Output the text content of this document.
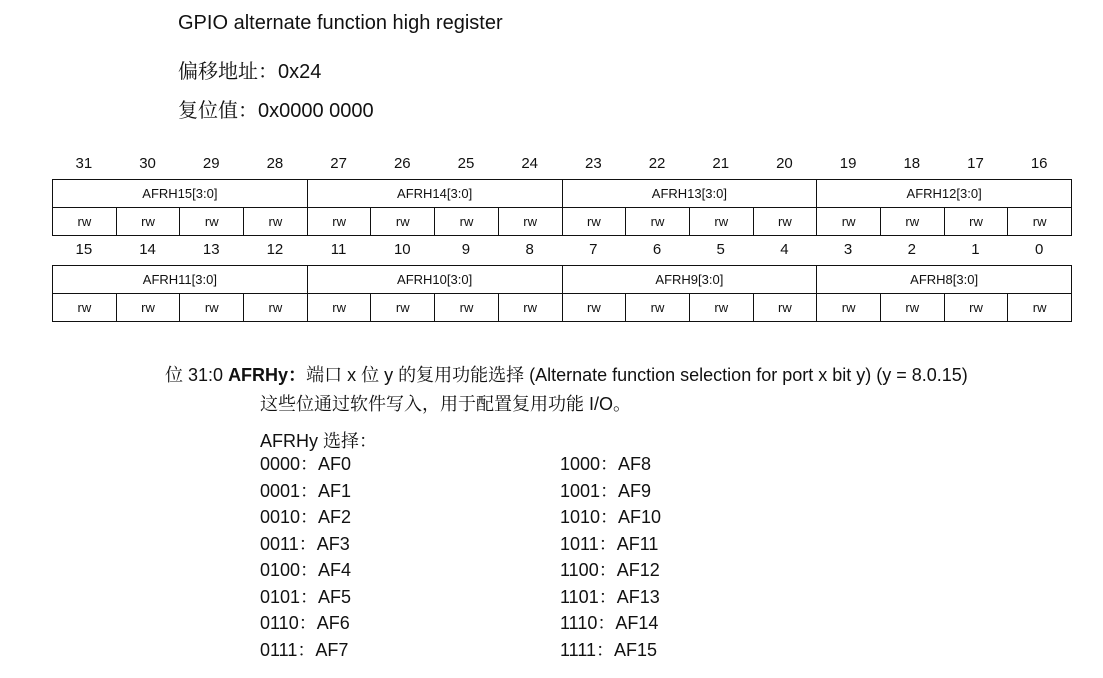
GPIO alternate function high register
偏移地址：0x24
复位值：0x0000 0000
31	30	29	28	27	26	25	24	23	22	21	20	19	18	17	16
AFRH15[3:0]				AFRH14[3:0]				AFRH13[3:0]				AFRH12[3:0]			
rw	rw	rw	rw	rw	rw	rw	rw	rw	rw	rw	rw	rw	rw	rw	rw
15	14	13	12	11	10	9	8	7	6	5	4	3	2	1	0
AFRH11[3:0]				AFRH10[3:0]				AFRH9[3:0]				AFRH8[3:0]			
rw	rw	rw	rw	rw	rw	rw	rw	rw	rw	rw	rw	rw	rw	rw	rw
位 31:0 AFRHy：端口 x 位 y 的复用功能选择 (Alternate function selection for port x bit y) (y = 8.0.15)
这些位通过软件写入，用于配置复用功能 I/O。
AFRHy 选择：
0000：AF0
0001：AF1
0010：AF2
0011：AF3
0100：AF4
0101：AF5
0110：AF6
0111：AF7
1000：AF8
1001：AF9
1010：AF10
1011：AF11
1100：AF12
1101：AF13
1110：AF14
1111：AF15
